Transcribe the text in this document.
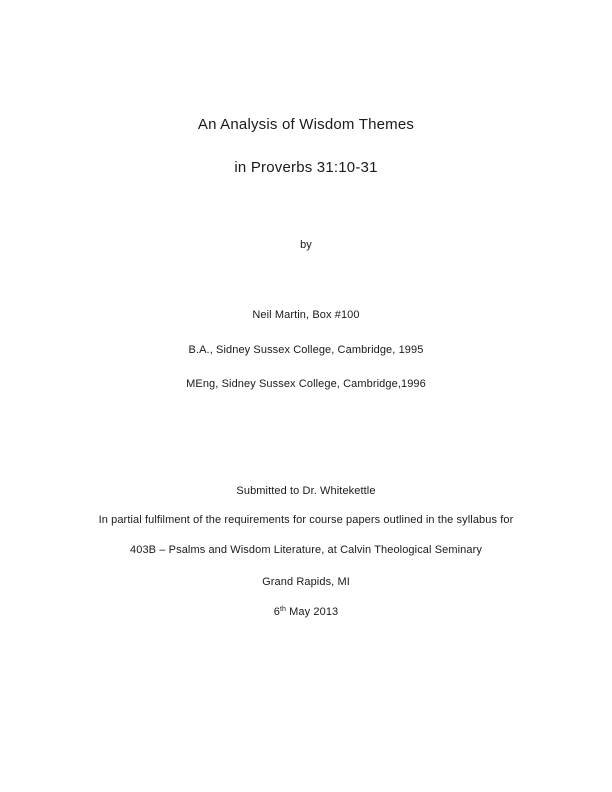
An Analysis of Wisdom Themes
in Proverbs 31:10-31
by
Neil Martin, Box #100
B.A., Sidney Sussex College, Cambridge, 1995
MEng, Sidney Sussex College, Cambridge,1996
Submitted to Dr. Whitekettle
In partial fulfilment of the requirements for course papers outlined in the syllabus for
403B – Psalms and Wisdom Literature, at Calvin Theological Seminary
Grand Rapids, MI
6th May 2013
